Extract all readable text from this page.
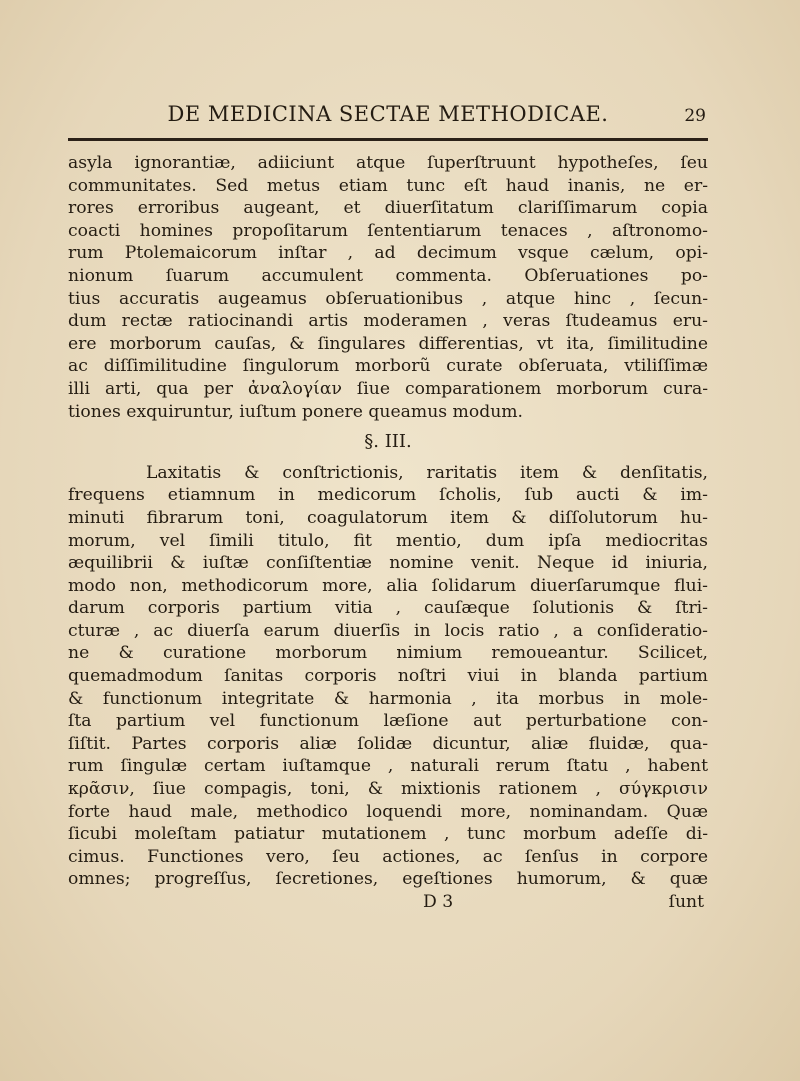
DE MEDICINA SECTAE METHODICAE.	29
asyla ignorantiæ, adiiciunt atque ſuperſtruunt hypotheſes, ſeu
communitates. Sed metus etiam tunc eſt haud inanis, ne er-
rores erroribus augeant, et diuerſitatum clariſſimarum copia
coacti homines propoſitarum ſententiarum tenaces , aſtronomo-
rum Ptolemaicorum inſtar , ad decimum vsque cælum, opi-
nionum ſuarum accumulent commenta. Obſeruationes po-
tius accuratis augeamus obſeruationibus , atque hinc , ſecun-
dum rectæ ratiocinandi artis moderamen , veras ſtudeamus eru-
ere morborum cauſas, & ſingulares differentias, vt ita, ſimilitudine
ac diſſimilitudine ſingulorum morborũ curate obſeruata, vtiliſſimæ
illi arti, qua per ἀναλογίαν ſiue comparationem morborum cura-
tiones exquiruntur, iuſtum ponere queamus modum.
§. III.
Laxitatis & conſtrictionis, raritatis item & denſitatis,
frequens etiamnum in medicorum ſcholis, ſub aucti & im-
minuti fibrarum toni, coagulatorum item & diſſolutorum hu-
morum, vel ſimili titulo, fit mentio, dum ipſa mediocritas
æquilibrii & iuſtæ conſiſtentiæ nomine venit. Neque id iniuria,
modo non, methodicorum more, alia ſolidarum diuerſarumque flui-
darum corporis partium vitia , cauſæque ſolutionis & ſtri-
cturæ , ac diuerſa earum diuerſis in locis ratio , a conſideratio-
ne & curatione morborum nimium remoueantur. Scilicet,
quemadmodum ſanitas corporis noſtri viui in blanda partium
& functionum integritate & harmonia , ita morbus in mole-
ſta partium vel functionum læſione aut perturbatione con-
ſiſtit. Partes corporis aliæ ſolidæ dicuntur, aliæ fluidæ, qua-
rum ſingulæ certam iuſtamque , naturali rerum ſtatu , habent
κρᾶσιν, ſiue compagis, toni, & mixtionis rationem , σύγκρισιν
forte haud male, methodico loquendi more, nominandam. Quæ
ſicubi moleſtam patiatur mutationem , tunc morbum adeſſe di-
cimus. Functiones vero, ſeu actiones, ac ſenſus in corpore
omnes; progreſſus, ſecretiones, egeſtiones humorum, & quæ
D 3	ſunt
